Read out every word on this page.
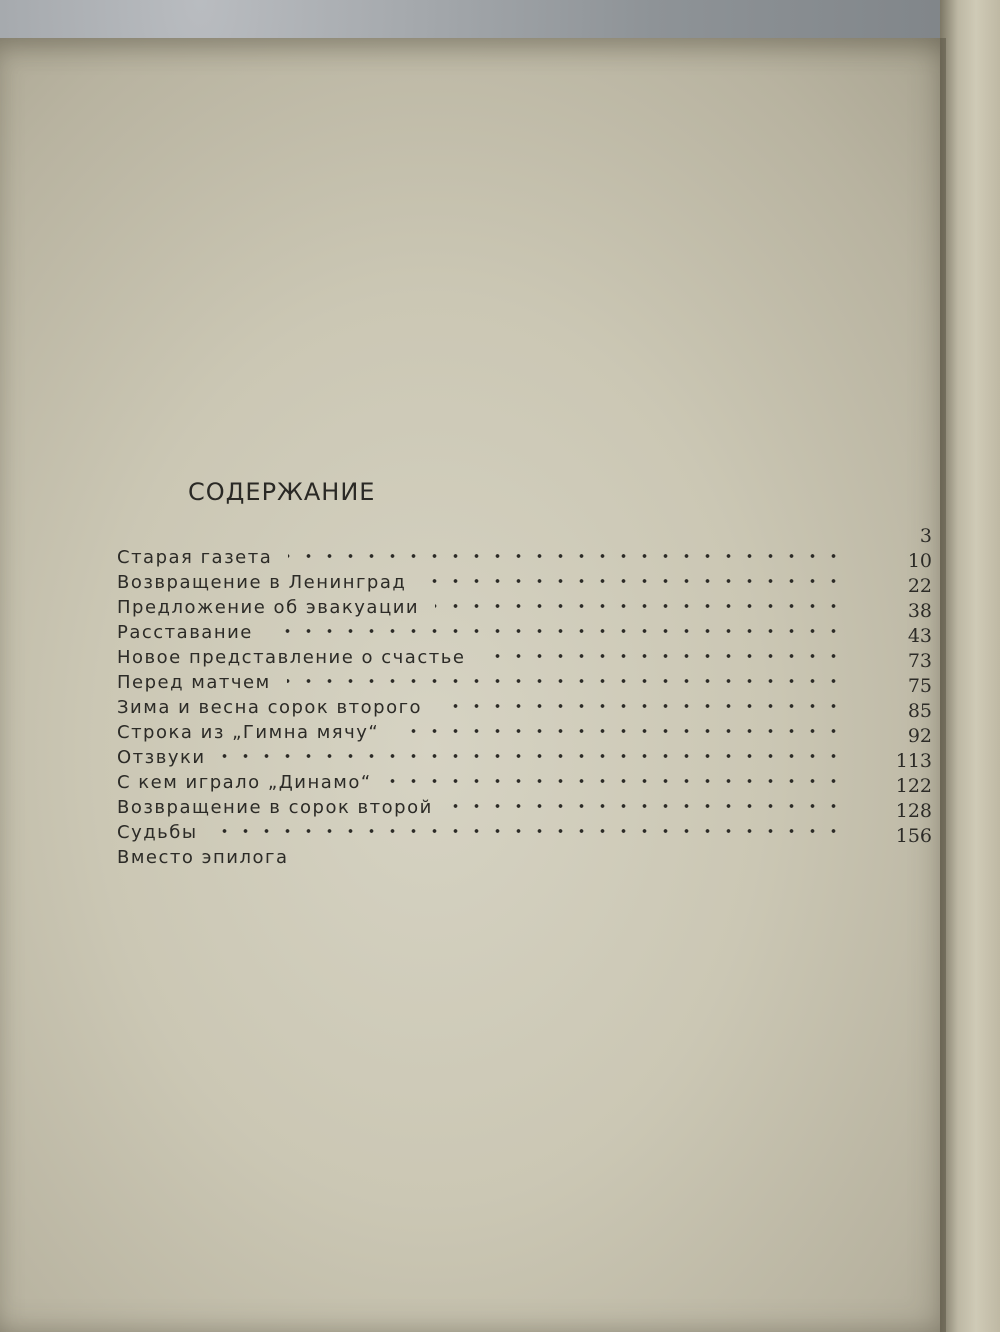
СОДЕРЖАНИЕ
Старая газета
3
Возвращение в Ленинград
10
Предложение об эвакуации
22
Расставание
38
Новое представление о счастье
43
Перед матчем
73
Зима и весна сорок второго
75
Строка из „Гимна мячу“
85
Отзвуки
92
С кем играло „Динамо“
113
Возвращение в сорок второй
122
Судьбы
128
Вместо эпилога
156
